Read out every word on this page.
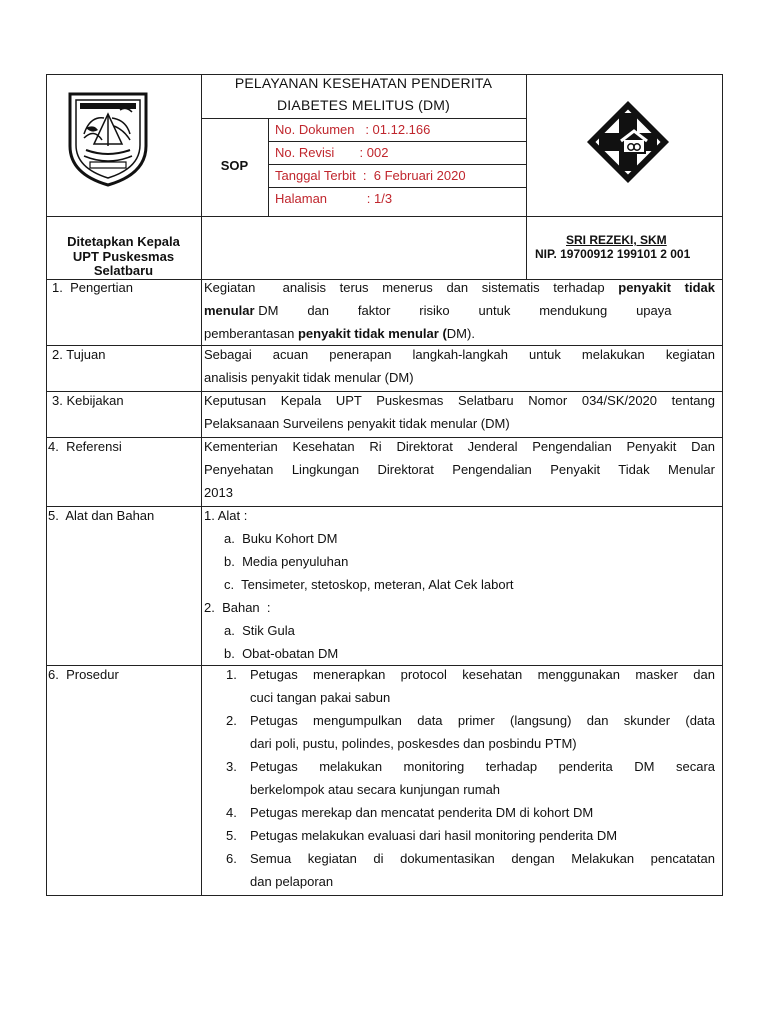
PELAYANAN KESEHATAN PENDERITA
DIABETES MELITUS (DM)
SOP
No. Dokumen   : 01.12.166
No. Revisi       : 002
Tanggal Terbit  :  6 Februari 2020
Halaman           : 1/3
Ditetapkan Kepala
UPT Puskesmas
Selatbaru
SRI REZEKI, SKM
NIP. 19700912 199101 2 001
1.  Pengertian	Kegiatan  analisis terus menerus dan sistematis terhadap penyakit tidak
menular DM        dan        faktor        risiko        untuk        mendukung        upaya
pemberantasan penyakit tidak menular (DM).
2. Tujuan	Sebagai acuan penerapan langkah-langkah untuk melakukan kegiatan
analisis penyakit tidak menular (DM)
3. Kebijakan	Keputusan Kepala UPT Puskesmas Selatbaru Nomor 034/SK/2020 tentang
Pelaksanaan Surveilens penyakit tidak menular (DM)
4.  Referensi	Kementerian Kesehatan Ri Direktorat Jenderal Pengendalian Penyakit Dan
Penyehatan Lingkungan Direktorat Pengendalian Penyakit Tidak Menular
2013
5.  Alat dan Bahan	1. Alat :
a.  Buku Kohort DM
b.  Media penyuluhan
c.  Tensimeter, stetoskop, meteran, Alat Cek labort
2.  Bahan  :
a.  Stik Gula
b.  Obat-obatan DM
6.  Prosedur	1. Petugas menerapkan protocol kesehatan menggunakan masker dan
cuci tangan pakai sabun
2. Petugas mengumpulkan data primer (langsung) dan skunder (data
dari poli, pustu, polindes, poskesdes dan posbindu PTM)
3. Petugas melakukan monitoring terhadap penderita DM secara
berkelompok atau secara kunjungan rumah
4. Petugas merekap dan mencatat penderita DM di kohort DM
5. Petugas melakukan evaluasi dari hasil monitoring penderita DM
6. Semua kegiatan di dokumentasikan dengan Melakukan pencatatan
dan pelaporan
